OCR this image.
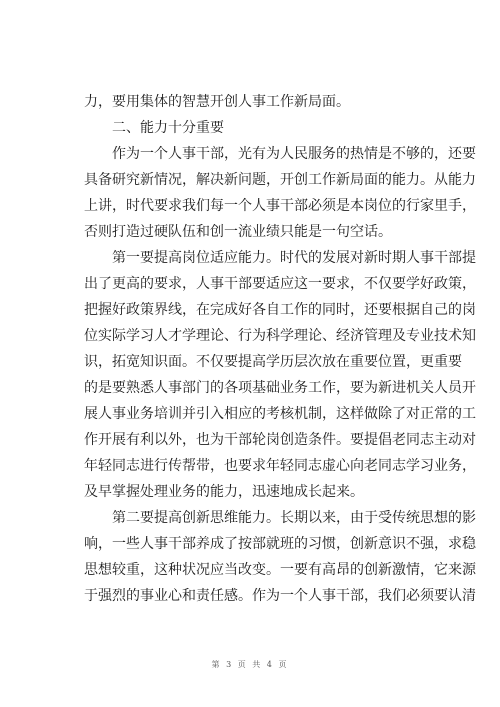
力，要用集体的智慧开创人事工作新局面。
二、能力十分重要
作为一个人事干部，光有为人民服务的热情是不够的，还要
具备研究新情况，解决新问题，开创工作新局面的能力。从能力
上讲，时代要求我们每一个人事干部必须是本岗位的行家里手，
否则打造过硬队伍和创一流业绩只能是一句空话。
第一要提高岗位适应能力。时代的发展对新时期人事干部提
出了更高的要求，人事干部要适应这一要求，不仅要学好政策，
把握好政策界线，在完成好各自工作的同时，还要根据自己的岗
位实际学习人才学理论、行为科学理论、经济管理及专业技术知
识，拓宽知识面。不仅要提高学历层次放在重要位置，更重要
的是要熟悉人事部门的各项基础业务工作，要为新进机关人员开
展人事业务培训并引入相应的考核机制，这样做除了对正常的工
作开展有利以外，也为干部轮岗创造条件。要提倡老同志主动对
年轻同志进行传帮带，也要求年轻同志虚心向老同志学习业务，
及早掌握处理业务的能力，迅速地成长起来。
第二要提高创新思维能力。长期以来，由于受传统思想的影
响，一些人事干部养成了按部就班的习惯，创新意识不强，求稳
思想较重，这种状况应当改变。一要有高昂的创新激情，它来源
于强烈的事业心和责任感。作为一个人事干部，我们必须要认清
第 3 页 共 4 页
